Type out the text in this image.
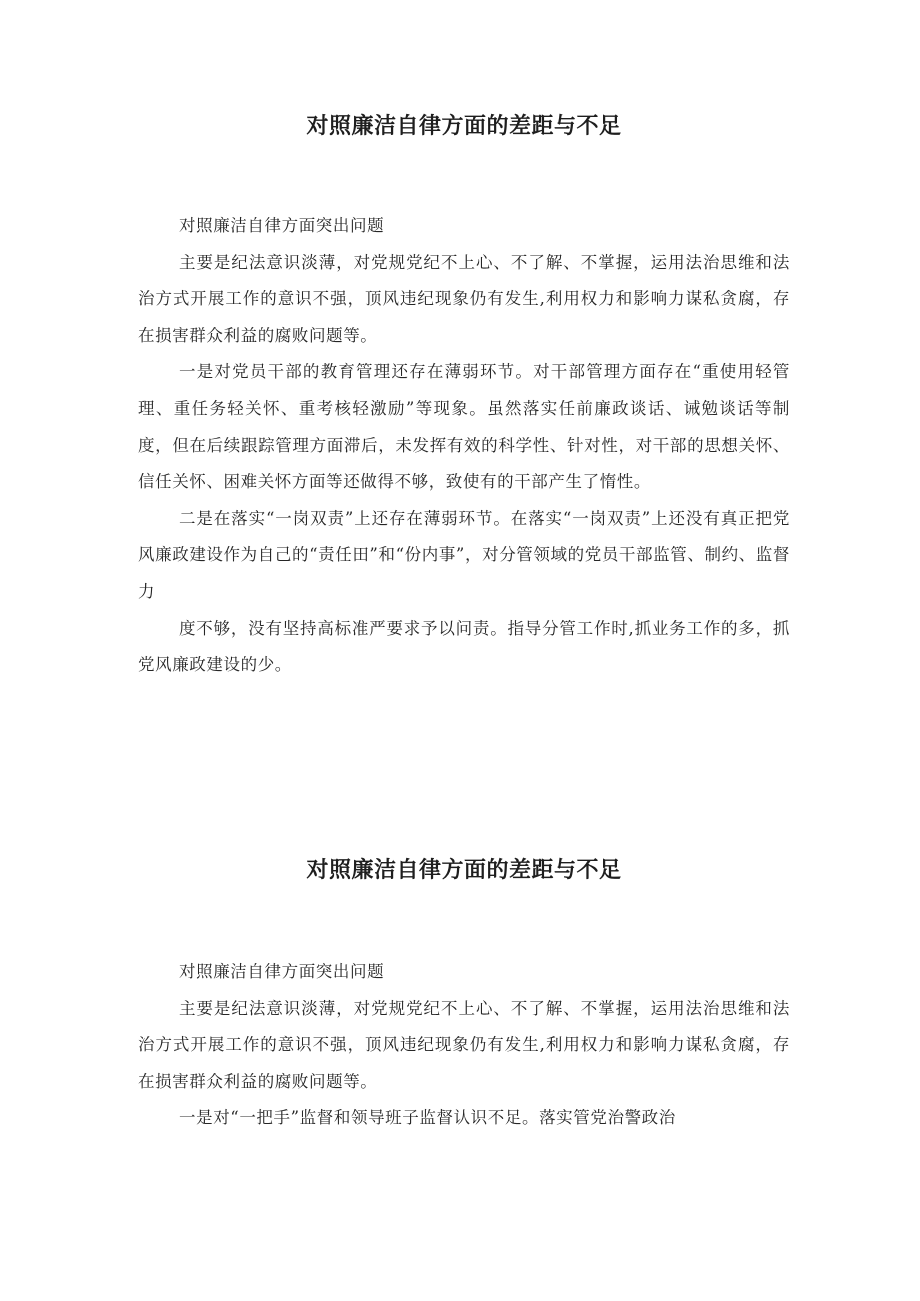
对照廉洁自律方面的差距与不足

对照廉洁自律方面突出问题

主要是纪法意识淡薄，对党规党纪不上心、不了解、不掌握，运用法治思维和法治方式开展工作的意识不强，顶风违纪现象仍有发生,利用权力和影响力谋私贪腐，存在损害群众利益的腐败问题等。

一是对党员干部的教育管理还存在薄弱环节。对干部管理方面存在“重使用轻管理、重任务轻关怀、重考核轻激励”等现象。虽然落实任前廉政谈话、诫勉谈话等制度，但在后续跟踪管理方面滞后，未发挥有效的科学性、针对性，对干部的思想关怀、信任关怀、困难关怀方面等还做得不够，致使有的干部产生了惰性。

二是在落实“一岗双责”上还存在薄弱环节。在落实“一岗双责”上还没有真正把党风廉政建设作为自己的“责任田”和“份内事”，对分管领域的党员干部监管、制约、监督力

度不够，没有坚持高标准严要求予以问责。指导分管工作时,抓业务工作的多，抓党风廉政建设的少。

对照廉洁自律方面的差距与不足

对照廉洁自律方面突出问题

主要是纪法意识淡薄，对党规党纪不上心、不了解、不掌握，运用法治思维和法治方式开展工作的意识不强，顶风违纪现象仍有发生,利用权力和影响力谋私贪腐，存在损害群众利益的腐败问题等。

一是对“一把手”监督和领导班子监督认识不足。落实管党治警政治
